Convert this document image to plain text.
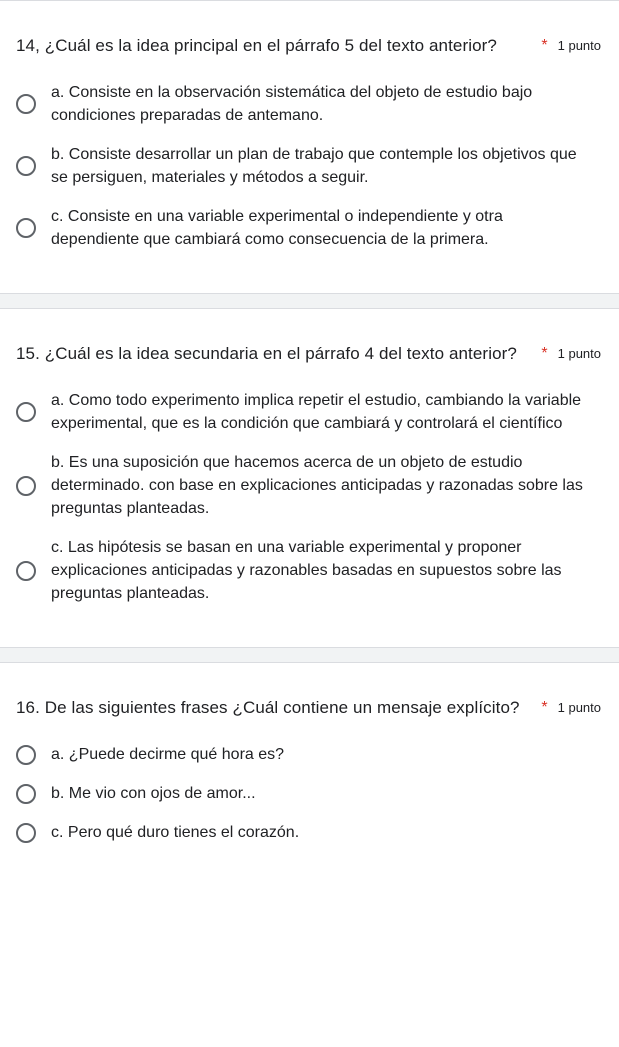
14, ¿Cuál es la idea principal en el párrafo 5 del texto anterior?	* 1 punto
a. Consiste en la observación sistemática del objeto de estudio bajo condiciones preparadas de antemano.
b. Consiste desarrollar un plan de trabajo que contemple los objetivos que se persiguen, materiales y métodos a seguir.
c. Consiste en una variable experimental o independiente y otra dependiente que cambiará como consecuencia de la primera.
15. ¿Cuál es la idea secundaria en el párrafo 4 del texto anterior?	* 1 punto
a. Como todo experimento implica repetir el estudio, cambiando la variable experimental, que es la condición que cambiará y controlará el científico
b. Es una suposición que hacemos acerca de un objeto de estudio determinado. con base en explicaciones anticipadas y razonadas sobre las preguntas planteadas.
c. Las hipótesis se basan en una variable experimental y proponer explicaciones anticipadas y razonables basadas en supuestos sobre las preguntas planteadas.
16. De las siguientes frases ¿Cuál contiene un mensaje explícito?	* 1 punto
a. ¿Puede decirme qué hora es?
b. Me vio con ojos de amor...
c. Pero qué duro tienes el corazón.
